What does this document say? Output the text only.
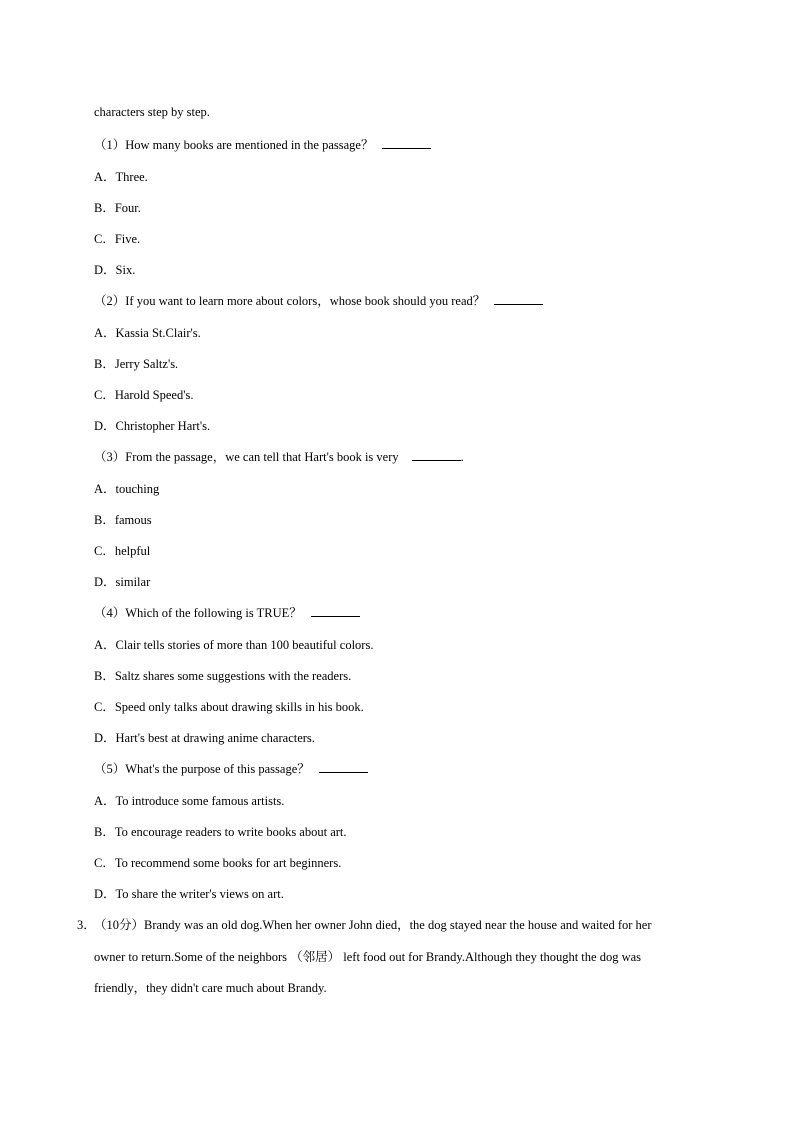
characters step by step.
（1）How many books are mentioned in the passage？
A．Three.
B．Four.
C．Five.
D．Six.
（2）If you want to learn more about colors，whose book should you read？
A．Kassia St.Clair's.
B．Jerry Saltz's.
C．Harold Speed's.
D．Christopher Hart's.
（3）From the passage，we can tell that Hart's book is very	.
A．touching
B．famous
C．helpful
D．similar
（4）Which of the following is TRUE？
A．Clair tells stories of more than 100 beautiful colors.
B．Saltz shares some suggestions with the readers.
C．Speed only talks about drawing skills in his book.
D．Hart's best at drawing anime characters.
（5）What's the purpose of this passage？
A．To introduce some famous artists.
B．To encourage readers to write books about art.
C．To recommend some books for art beginners.
D．To share the writer's views on art.
3．
（10分）Brandy was an old dog.When her owner John died，the dog stayed near the house and waited for her
owner to return.Some of the neighbors （邻居） left food out for Brandy.Although they thought the dog was
friendly，they didn't care much about Brandy.
